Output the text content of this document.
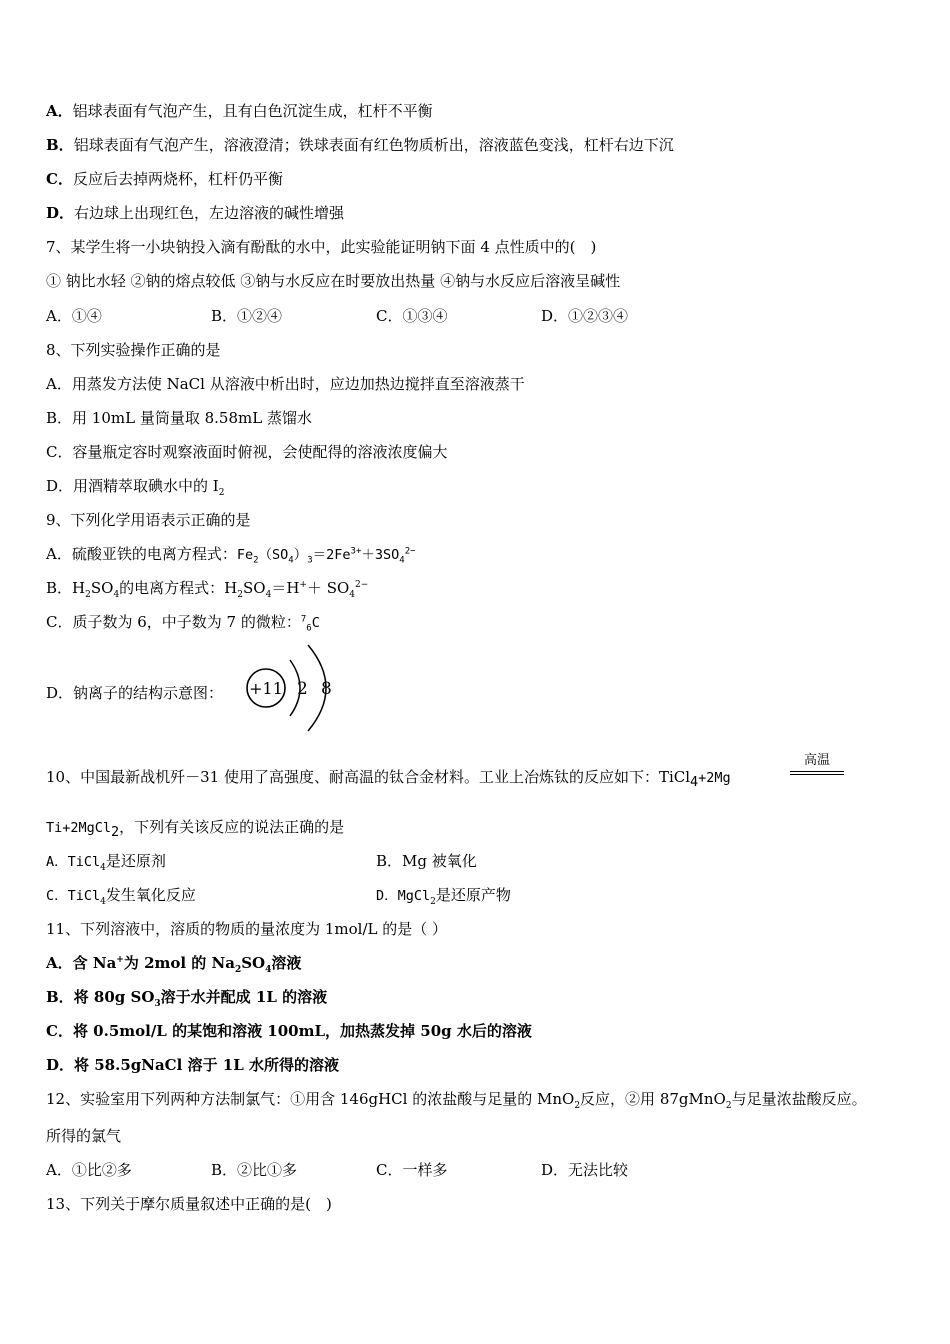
A．铝球表面有气泡产生，且有白色沉淀生成，杠杆不平衡
B．铝球表面有气泡产生，溶液澄清；铁球表面有红色物质析出，溶液蓝色变浅，杠杆右边下沉
C．反应后去掉两烧杯，杠杆仍平衡
D．右边球上出现红色，左边溶液的碱性增强
7、某学生将一小块钠投入滴有酚酞的水中，此实验能证明钠下面 4 点性质中的(　)
① 钠比水轻 ②钠的熔点较低 ③钠与水反应在时要放出热量 ④钠与水反应后溶液呈碱性
A．①④	B．①②④	C．①③④	D．①②③④
8、下列实验操作正确的是
A．用蒸发方法使 NaCl 从溶液中析出时，应边加热边搅拌直至溶液蒸干
B．用 10mL 量筒量取 8.58mL 蒸馏水
C．容量瓶定容时观察液面时俯视，会使配得的溶液浓度偏大
D．用酒精萃取碘水中的 $I_2$
9、下列化学用语表示正确的是
A．硫酸亚铁的电离方程式：$Fe_2(SO_4)_3=2Fe^{3+}+3SO_4^{2-}$
B．$H_2SO_4$的电离方程式：$H_2SO_4=H^++ SO_4^{2-}$
C．质子数为 6，中子数为 7 的微粒：$^7_6$C
D．钠离子的结构示意图： +11 2 8
10、中国最新战机歼－31 使用了高强度、耐高温的钛合金材料。工业上冶炼钛的反应如下：TiCl$_4$+2Mg
高温
Ti+2MgCl$_2$，下列有关该反应的说法正确的是
A．TiCl$_4$是还原剂	B．Mg 被氧化
C．TiCl$_4$发生氧化反应	D．MgCl$_2$是还原产物
11、下列溶液中，溶质的物质的量浓度为 1mol/L 的是（ ）
A．含 Na+为 2mol 的 $Na_2SO_4$溶液
B．将 80g $SO_3$溶于水并配成 1L 的溶液
C．将 0.5mol/L 的某饱和溶液 100mL，加热蒸发掉 50g 水后的溶液
D．将 58.5gNaCl 溶于 1L 水所得的溶液
12、实验室用下列两种方法制氯气：①用含 146gHCl 的浓盐酸与足量的 MnO$_2$反应，②用 87gMnO$_2$与足量浓盐酸反应。
所得的氯气
A．①比②多	B．②比①多	C．一样多	D．无法比较
13、下列关于摩尔质量叙述中正确的是(　)
